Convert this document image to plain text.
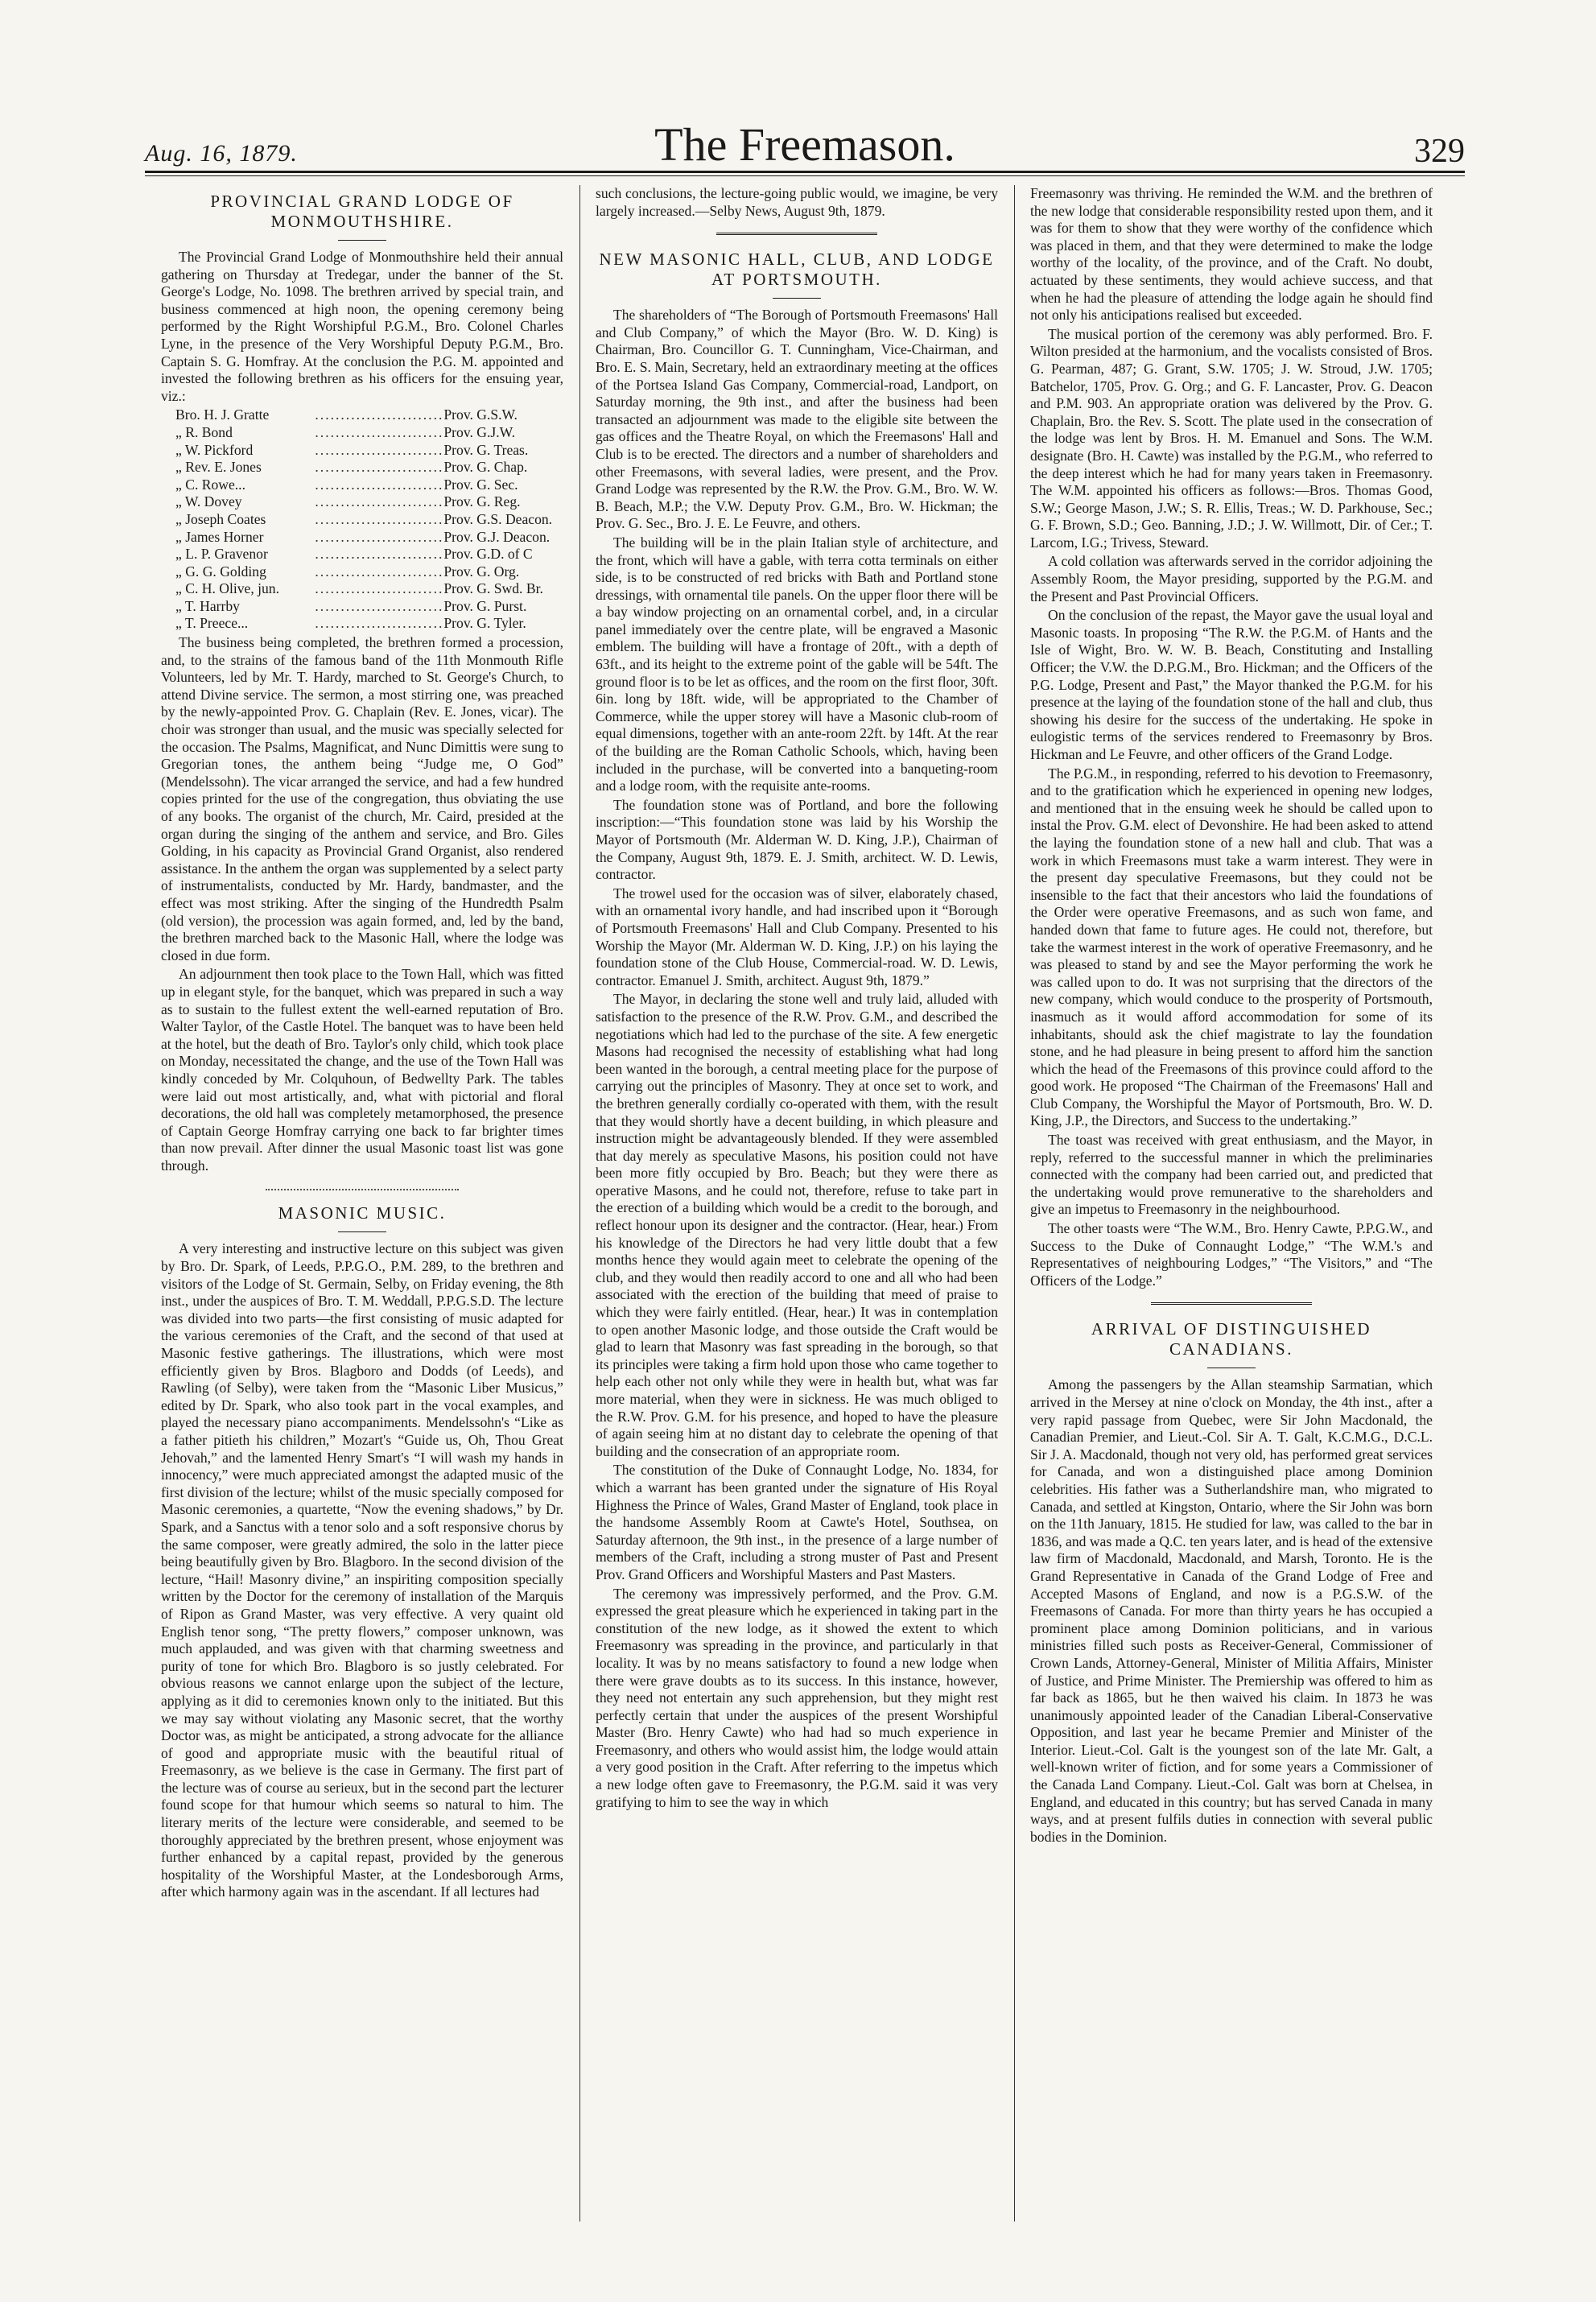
Aug. 16, 1879.	The Freemason.	329
PROVINCIAL GRAND LODGE OF MONMOUTHSHIRE.

The Provincial Grand Lodge of Monmouthshire held their annual gathering on Thursday at Tredegar, under the banner of the St. George's Lodge, No. 1098. The brethren arrived by special train, and business commenced at high noon, the opening ceremony being performed by the Right Worshipful P.G.M., Bro. Colonel Charles Lyne, in the presence of the Very Worshipful Deputy P.G.M., Bro. Captain S. G. Homfray. At the conclusion the P.G. M. appointed and invested the following brethren as his officers for the ensuing year, viz.:

Bro. H. J. Gratte	......................... Prov. G.S.W.
„ R. Bond	......................... Prov. G.J.W.
„ W. Pickford	......................... Prov. G. Treas.
„ Rev. E. Jones	......................... Prov. G. Chap.
„ C. Rowe...	......................... Prov. G. Sec.
„ W. Dovey	......................... Prov. G. Reg.
„ Joseph Coates	......................... Prov. G.S. Deacon.
„ James Horner	......................... Prov. G.J. Deacon.
„ L. P. Gravenor	......................... Prov. G.D. of C
„ G. G. Golding	......................... Prov. G. Org.
„ C. H. Olive, jun.	......................... Prov. G. Swd. Br.
„ T. Harrby	......................... Prov. G. Purst.
„ T. Preece...	......................... Prov. G. Tyler.

The business being completed, the brethren formed a procession, and, to the strains of the famous band of the 11th Monmouth Rifle Volunteers, led by Mr. T. Hardy, marched to St. George's Church, to attend Divine service. The sermon, a most stirring one, was preached by the newly-appointed Prov. G. Chaplain (Rev. E. Jones, vicar). The choir was stronger than usual, and the music was specially selected for the occasion. The Psalms, Magnificat, and Nunc Dimittis were sung to Gregorian tones, the anthem being “Judge me, O God” (Mendelssohn). The vicar arranged the service, and had a few hundred copies printed for the use of the congregation, thus obviating the use of any books. The organist of the church, Mr. Caird, presided at the organ during the singing of the anthem and service, and Bro. Giles Golding, in his capacity as Provincial Grand Organist, also rendered assistance. In the anthem the organ was supplemented by a select party of instrumentalists, conducted by Mr. Hardy, bandmaster, and the effect was most striking. After the singing of the Hundredth Psalm (old version), the procession was again formed, and, led by the band, the brethren marched back to the Masonic Hall, where the lodge was closed in due form.

An adjournment then took place to the Town Hall, which was fitted up in elegant style, for the banquet, which was prepared in such a way as to sustain to the fullest extent the well-earned reputation of Bro. Walter Taylor, of the Castle Hotel. The banquet was to have been held at the hotel, but the death of Bro. Taylor's only child, which took place on Monday, necessitated the change, and the use of the Town Hall was kindly conceded by Mr. Colquhoun, of Bedwellty Park. The tables were laid out most artistically, and, what with pictorial and floral decorations, the old hall was completely metamorphosed, the presence of Captain George Homfray carrying one back to far brighter times than now prevail. After dinner the usual Masonic toast list was gone through.

MASONIC MUSIC.

A very interesting and instructive lecture on this subject was given by Bro. Dr. Spark, of Leeds, P.P.G.O., P.M. 289, to the brethren and visitors of the Lodge of St. Germain, Selby, on Friday evening, the 8th inst., under the auspices of Bro. T. M. Weddall, P.P.G.S.D. The lecture was divided into two parts—the first consisting of music adapted for the various ceremonies of the Craft, and the second of that used at Masonic festive gatherings. The illustrations, which were most efficiently given by Bros. Blagboro and Dodds (of Leeds), and Rawling (of Selby), were taken from the “Masonic Liber Musicus,” edited by Dr. Spark, who also took part in the vocal examples, and played the necessary piano accompaniments. Mendelssohn's “Like as a father pitieth his children,” Mozart's “Guide us, Oh, Thou Great Jehovah,” and the lamented Henry Smart's “I will wash my hands in innocency,” were much appreciated amongst the adapted music of the first division of the lecture; whilst of the music specially composed for Masonic ceremonies, a quartette, “Now the evening shadows,” by Dr. Spark, and a Sanctus with a tenor solo and a soft responsive chorus by the same composer, were greatly admired, the solo in the latter piece being beautifully given by Bro. Blagboro. In the second division of the lecture, “Hail! Masonry divine,” an inspiriting composition specially written by the Doctor for the ceremony of installation of the Marquis of Ripon as Grand Master, was very effective. A very quaint old English tenor song, “The pretty flowers,” composer unknown, was much applauded, and was given with that charming sweetness and purity of tone for which Bro. Blagboro is so justly celebrated. For obvious reasons we cannot enlarge upon the subject of the lecture, applying as it did to ceremonies known only to the initiated. But this we may say without violating any Masonic secret, that the worthy Doctor was, as might be anticipated, a strong advocate for the alliance of good and appropriate music with the beautiful ritual of Freemasonry, as we believe is the case in Germany. The first part of the lecture was of course au serieux, but in the second part the lecturer found scope for that humour which seems so natural to him. The literary merits of the lecture were considerable, and seemed to be thoroughly appreciated by the brethren present, whose enjoyment was further enhanced by a capital repast, provided by the generous hospitality of the Worshipful Master, at the Londesborough Arms, after which harmony again was in the ascendant. If all lectures had

such conclusions, the lecture-going public would, we imagine, be very largely increased.—Selby News, August 9th, 1879.

NEW MASONIC HALL, CLUB, AND LODGE AT PORTSMOUTH.

The shareholders of “The Borough of Portsmouth Freemasons' Hall and Club Company,” of which the Mayor (Bro. W. D. King) is Chairman, Bro. Councillor G. T. Cunningham, Vice-Chairman, and Bro. E. S. Main, Secretary, held an extraordinary meeting at the offices of the Portsea Island Gas Company, Commercial-road, Landport, on Saturday morning, the 9th inst., and after the business had been transacted an adjournment was made to the eligible site between the gas offices and the Theatre Royal, on which the Freemasons' Hall and Club is to be erected. The directors and a number of shareholders and other Freemasons, with several ladies, were present, and the Prov. Grand Lodge was represented by the R.W. the Prov. G.M., Bro. W. W. B. Beach, M.P.; the V.W. Deputy Prov. G.M., Bro. W. Hickman; the Prov. G. Sec., Bro. J. E. Le Feuvre, and others.

The building will be in the plain Italian style of architecture, and the front, which will have a gable, with terra cotta terminals on either side, is to be constructed of red bricks with Bath and Portland stone dressings, with ornamental tile panels. On the upper floor there will be a bay window projecting on an ornamental corbel, and, in a circular panel immediately over the centre plate, will be engraved a Masonic emblem. The building will have a frontage of 20ft., with a depth of 63ft., and its height to the extreme point of the gable will be 54ft. The ground floor is to be let as offices, and the room on the first floor, 30ft. 6in. long by 18ft. wide, will be appropriated to the Chamber of Commerce, while the upper storey will have a Masonic club-room of equal dimensions, together with an ante-room 22ft. by 14ft. At the rear of the building are the Roman Catholic Schools, which, having been included in the purchase, will be converted into a banqueting-room and a lodge room, with the requisite ante-rooms.

The foundation stone was of Portland, and bore the following inscription:—“This foundation stone was laid by his Worship the Mayor of Portsmouth (Mr. Alderman W. D. King, J.P.), Chairman of the Company, August 9th, 1879. E. J. Smith, architect. W. D. Lewis, contractor.

The trowel used for the occasion was of silver, elaborately chased, with an ornamental ivory handle, and had inscribed upon it “Borough of Portsmouth Freemasons' Hall and Club Company. Presented to his Worship the Mayor (Mr. Alderman W. D. King, J.P.) on his laying the foundation stone of the Club House, Commercial-road. W. D. Lewis, contractor. Emanuel J. Smith, architect. August 9th, 1879.”

The Mayor, in declaring the stone well and truly laid, alluded with satisfaction to the presence of the R.W. Prov. G.M., and described the negotiations which had led to the purchase of the site. A few energetic Masons had recognised the necessity of establishing what had long been wanted in the borough, a central meeting place for the purpose of carrying out the principles of Masonry. They at once set to work, and the brethren generally cordially co-operated with them, with the result that they would shortly have a decent building, in which pleasure and instruction might be advantageously blended. If they were assembled that day merely as speculative Masons, his position could not have been more fitly occupied by Bro. Beach; but they were there as operative Masons, and he could not, therefore, refuse to take part in the erection of a building which would be a credit to the borough, and reflect honour upon its designer and the contractor. (Hear, hear.) From his knowledge of the Directors he had very little doubt that a few months hence they would again meet to celebrate the opening of the club, and they would then readily accord to one and all who had been associated with the erection of the building that meed of praise to which they were fairly entitled. (Hear, hear.) It was in contemplation to open another Masonic lodge, and those outside the Craft would be glad to learn that Masonry was fast spreading in the borough, so that its principles were taking a firm hold upon those who came together to help each other not only while they were in health but, what was far more material, when they were in sickness. He was much obliged to the R.W. Prov. G.M. for his presence, and hoped to have the pleasure of again seeing him at no distant day to celebrate the opening of that building and the consecration of an appropriate room.

The constitution of the Duke of Connaught Lodge, No. 1834, for which a warrant has been granted under the signature of His Royal Highness the Prince of Wales, Grand Master of England, took place in the handsome Assembly Room at Cawte's Hotel, Southsea, on Saturday afternoon, the 9th inst., in the presence of a large number of members of the Craft, including a strong muster of Past and Present Prov. Grand Officers and Worshipful Masters and Past Masters.

The ceremony was impressively performed, and the Prov. G.M. expressed the great pleasure which he experienced in taking part in the constitution of the new lodge, as it showed the extent to which Freemasonry was spreading in the province, and particularly in that locality. It was by no means satisfactory to found a new lodge when there were grave doubts as to its success. In this instance, however, they need not entertain any such apprehension, but they might rest perfectly certain that under the auspices of the present Worshipful Master (Bro. Henry Cawte) who had had so much experience in Freemasonry, and others who would assist him, the lodge would attain a very good position in the Craft. After referring to the impetus which a new lodge often gave to Freemasonry, the P.G.M. said it was very gratifying to him to see the way in which

Freemasonry was thriving. He reminded the W.M. and the brethren of the new lodge that considerable responsibility rested upon them, and it was for them to show that they were worthy of the confidence which was placed in them, and that they were determined to make the lodge worthy of the locality, of the province, and of the Craft. No doubt, actuated by these sentiments, they would achieve success, and that when he had the pleasure of attending the lodge again he should find not only his anticipations realised but exceeded.

The musical portion of the ceremony was ably performed. Bro. F. Wilton presided at the harmonium, and the vocalists consisted of Bros. G. Pearman, 487; G. Grant, S.W. 1705; J. W. Stroud, J.W. 1705; Batchelor, 1705, Prov. G. Org.; and G. F. Lancaster, Prov. G. Deacon and P.M. 903. An appropriate oration was delivered by the Prov. G. Chaplain, Bro. the Rev. S. Scott. The plate used in the consecration of the lodge was lent by Bros. H. M. Emanuel and Sons. The W.M. designate (Bro. H. Cawte) was installed by the P.G.M., who referred to the deep interest which he had for many years taken in Freemasonry. The W.M. appointed his officers as follows:—Bros. Thomas Good, S.W.; George Mason, J.W.; S. R. Ellis, Treas.; W. D. Parkhouse, Sec.; G. F. Brown, S.D.; Geo. Banning, J.D.; J. W. Willmott, Dir. of Cer.; T. Larcom, I.G.; Trivess, Steward.

A cold collation was afterwards served in the corridor adjoining the Assembly Room, the Mayor presiding, supported by the P.G.M. and the Present and Past Provincial Officers.

On the conclusion of the repast, the Mayor gave the usual loyal and Masonic toasts. In proposing “The R.W. the P.G.M. of Hants and the Isle of Wight, Bro. W. W. B. Beach, Constituting and Installing Officer; the V.W. the D.P.G.M., Bro. Hickman; and the Officers of the P.G. Lodge, Present and Past,” the Mayor thanked the P.G.M. for his presence at the laying of the foundation stone of the hall and club, thus showing his desire for the success of the undertaking. He spoke in eulogistic terms of the services rendered to Freemasonry by Bros. Hickman and Le Feuvre, and other officers of the Grand Lodge.

The P.G.M., in responding, referred to his devotion to Freemasonry, and to the gratification which he experienced in opening new lodges, and mentioned that in the ensuing week he should be called upon to instal the Prov. G.M. elect of Devonshire. He had been asked to attend the laying the foundation stone of a new hall and club. That was a work in which Freemasons must take a warm interest. They were in the present day speculative Freemasons, but they could not be insensible to the fact that their ancestors who laid the foundations of the Order were operative Freemasons, and as such won fame, and handed down that fame to future ages. He could not, therefore, but take the warmest interest in the work of operative Freemasonry, and he was pleased to stand by and see the Mayor performing the work he was called upon to do. It was not surprising that the directors of the new company, which would conduce to the prosperity of Portsmouth, inasmuch as it would afford accommodation for some of its inhabitants, should ask the chief magistrate to lay the foundation stone, and he had pleasure in being present to afford him the sanction which the head of the Freemasons of this province could afford to the good work. He proposed “The Chairman of the Freemasons' Hall and Club Company, the Worshipful the Mayor of Portsmouth, Bro. W. D. King, J.P., the Directors, and Success to the undertaking.”

The toast was received with great enthusiasm, and the Mayor, in reply, referred to the successful manner in which the preliminaries connected with the company had been carried out, and predicted that the undertaking would prove remunerative to the shareholders and give an impetus to Freemasonry in the neighbourhood.

The other toasts were “The W.M., Bro. Henry Cawte, P.P.G.W., and Success to the Duke of Connaught Lodge,” “The W.M.'s and Representatives of neighbouring Lodges,” “The Visitors,” and “The Officers of the Lodge.”

ARRIVAL OF DISTINGUISHED CANADIANS.

Among the passengers by the Allan steamship Sarmatian, which arrived in the Mersey at nine o'clock on Monday, the 4th inst., after a very rapid passage from Quebec, were Sir John Macdonald, the Canadian Premier, and Lieut.-Col. Sir A. T. Galt, K.C.M.G., D.C.L. Sir J. A. Macdonald, though not very old, has performed great services for Canada, and won a distinguished place among Dominion celebrities. His father was a Sutherlandshire man, who migrated to Canada, and settled at Kingston, Ontario, where the Sir John was born on the 11th January, 1815. He studied for law, was called to the bar in 1836, and was made a Q.C. ten years later, and is head of the extensive law firm of Macdonald, Macdonald, and Marsh, Toronto. He is the Grand Representative in Canada of the Grand Lodge of Free and Accepted Masons of England, and now is a P.G.S.W. of the Freemasons of Canada. For more than thirty years he has occupied a prominent place among Dominion politicians, and in various ministries filled such posts as Receiver-General, Commissioner of Crown Lands, Attorney-General, Minister of Militia Affairs, Minister of Justice, and Prime Minister. The Premiership was offered to him as far back as 1865, but he then waived his claim. In 1873 he was unanimously appointed leader of the Canadian Liberal-Conservative Opposition, and last year he became Premier and Minister of the Interior. Lieut.-Col. Galt is the youngest son of the late Mr. Galt, a well-known writer of fiction, and for some years a Commissioner of the Canada Land Company. Lieut.-Col. Galt was born at Chelsea, in England, and educated in this country; but has served Canada in many ways, and at present fulfils duties in connection with several public bodies in the Dominion.
